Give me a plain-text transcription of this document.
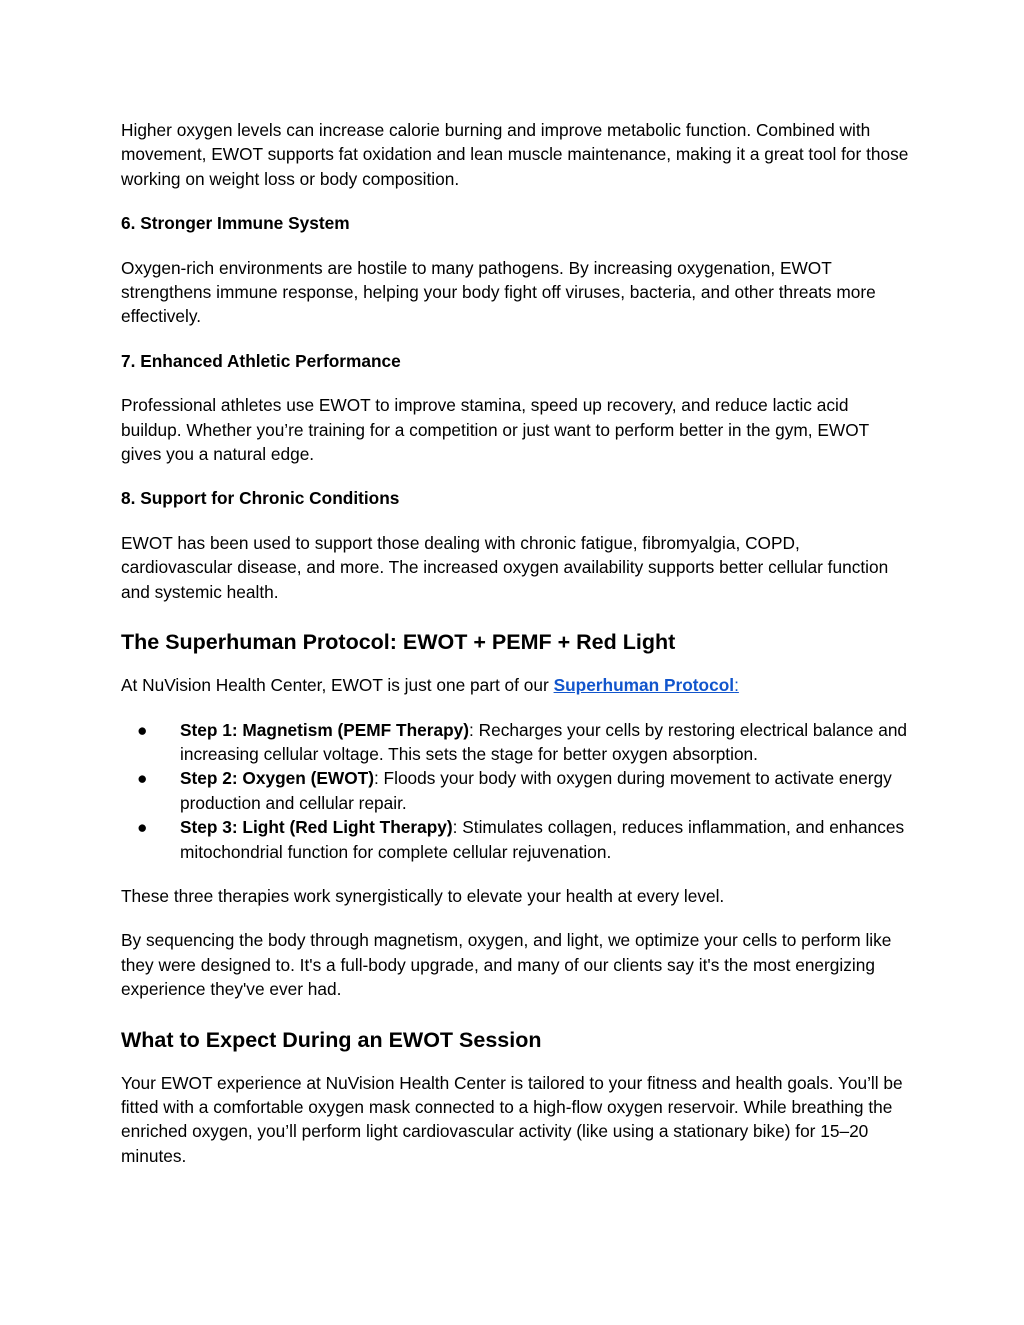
Higher oxygen levels can increase calorie burning and improve metabolic function. Combined with movement, EWOT supports fat oxidation and lean muscle maintenance, making it a great tool for those working on weight loss or body composition.

6. Stronger Immune System

Oxygen-rich environments are hostile to many pathogens. By increasing oxygenation, EWOT strengthens immune response, helping your body fight off viruses, bacteria, and other threats more effectively.

7. Enhanced Athletic Performance

Professional athletes use EWOT to improve stamina, speed up recovery, and reduce lactic acid buildup. Whether you’re training for a competition or just want to perform better in the gym, EWOT gives you a natural edge.

8. Support for Chronic Conditions

EWOT has been used to support those dealing with chronic fatigue, fibromyalgia, COPD, cardiovascular disease, and more. The increased oxygen availability supports better cellular function and systemic health.

The Superhuman Protocol: EWOT + PEMF + Red Light

At NuVision Health Center, EWOT is just one part of our Superhuman Protocol:

● Step 1: Magnetism (PEMF Therapy): Recharges your cells by restoring electrical balance and increasing cellular voltage. This sets the stage for better oxygen absorption.
● Step 2: Oxygen (EWOT): Floods your body with oxygen during movement to activate energy production and cellular repair.
● Step 3: Light (Red Light Therapy): Stimulates collagen, reduces inflammation, and enhances mitochondrial function for complete cellular rejuvenation.

These three therapies work synergistically to elevate your health at every level.

By sequencing the body through magnetism, oxygen, and light, we optimize your cells to perform like they were designed to. It's a full-body upgrade, and many of our clients say it's the most energizing experience they've ever had.

What to Expect During an EWOT Session

Your EWOT experience at NuVision Health Center is tailored to your fitness and health goals. You’ll be fitted with a comfortable oxygen mask connected to a high-flow oxygen reservoir. While breathing the enriched oxygen, you’ll perform light cardiovascular activity (like using a stationary bike) for 15–20 minutes.
